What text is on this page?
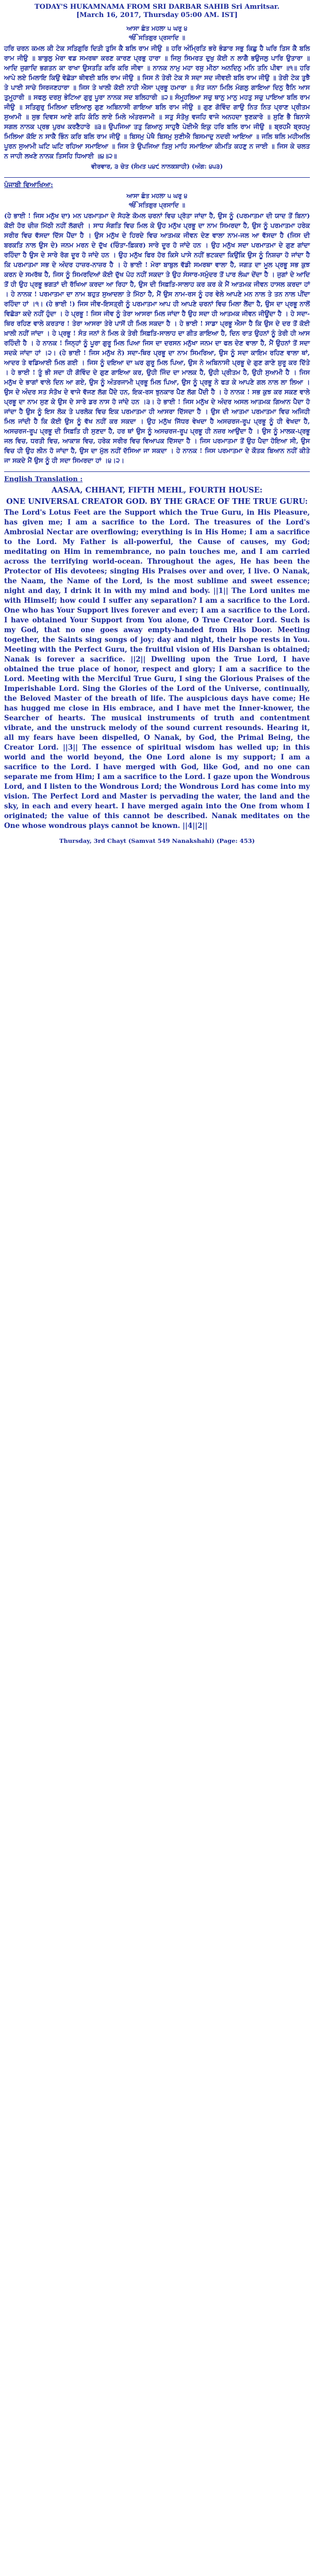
TODAY'S HUKAMNAMA FROM SRI DARBAR SAHIB Sri Amritsar.

[March 16, 2017, Thursday 05:00 AM. IST]

ਆਸਾ ਛੰਤ ਮਹਲਾ ੫ ਘਰੁ ੪

ੴ ਸਤਿਗੁਰ ਪ੍ਰਸਾਦਿ ॥

ਹਰਿ ਚਰਨ ਕਮਲ ਕੀ ਟੇਕ ਸਤਿਗੁਰਿ ਦਿਤੀ ਤੁਸਿ ਕੈ ਬਲਿ ਰਾਮ ਜੀਉ ॥ ਹਰਿ ਅੰਮ੍ਰਿਤਿ ਭਰੇ ਭੰਡਾਰ ਸਭੁ ਕਿਛੁ ਹੈ ਘਰਿ ਤਿਸ ਕੈ ਬਲਿ ਰਾਮ ਜੀਉ ॥ ਬਾਬੁਲੁ ਮੇਰਾ ਵਡ ਸਮਰਥਾ ਕਰਣ ਕਾਰਣ ਪ੍ਰਭੁ ਹਾਰਾ ॥ ਜਿਸੁ ਸਿਮਰਤ ਦੁਖੁ ਕੋਈ ਨ ਲਾਗੈ ਭਉਜਲੁ ਪਾਰਿ ਉਤਾਰਾ ॥ ਆਦਿ ਜੁਗਾਦਿ ਭਗਤਨ ਕਾ ਰਾਖਾ ਉਸਤਤਿ ਕਰਿ ਕਰਿ ਜੀਵਾ ॥ ਨਾਨਕ ਨਾਮੁ ਮਹਾ ਰਸੁ ਮੀਠਾ ਅਨਦਿਨੁ ਮਨਿ ਤਨਿ ਪੀਵਾ ॥੧॥ ਹਰਿ ਆਪੇ ਲਏ ਮਿਲਾਇ ਕਿਉ ਵੇਛੋੜਾ ਥੀਵਈ ਬਲਿ ਰਾਮ ਜੀਉ ॥ ਜਿਸ ਨੋ ਤੇਰੀ ਟੇਕ ਸੋ ਸਦਾ ਸਦ ਜੀਵਈ ਬਲਿ ਰਾਮ ਜੀਉ ॥ ਤੇਰੀ ਟੇਕ ਤੁਝੈ ਤੇ ਪਾਈ ਸਾਚੇ ਸਿਰਜਣਹਾਰਾ ॥ ਜਿਸ ਤੇ ਖਾਲੀ ਕੋਈ ਨਾਹੀ ਐਸਾ ਪ੍ਰਭੂ ਹਮਾਰਾ ॥ ਸੰਤ ਜਨਾ ਮਿਲਿ ਮੰਗਲੁ ਗਾਇਆ ਦਿਨੁ ਰੈਨਿ ਆਸ ਤੁਮ੍ਹ੍ਹਾਰੀ ॥ ਸਫਲੁ ਦਰਸੁ ਭੇਟਿਆ ਗੁਰੁ ਪੂਰਾ ਨਾਨਕ ਸਦ ਬਲਿਹਾਰੀ ॥੨॥ ਸੰਮ੍ਹ੍ਹਲਿਆ ਸਚੁ ਥਾਨੁ ਮਾਨੁ ਮਹਤੁ ਸਚੁ ਪਾਇਆ ਬਲਿ ਰਾਮ ਜੀਉ ॥ ਸਤਿਗੁਰੁ ਮਿਲਿਆ ਦਇਆਲੁ ਗੁਣ ਅਬਿਨਾਸੀ ਗਾਇਆ ਬਲਿ ਰਾਮ ਜੀਉ ॥ ਗੁਣ ਗੋਵਿੰਦ ਗਾਉ ਨਿਤ ਨਿਤ ਪ੍ਰਾਣ ਪ੍ਰੀਤਮ ਸੁਆਮੀ ॥ ਸੁਭ ਦਿਵਸ ਆਏ ਗਹਿ ਕੰਠਿ ਲਾਏ ਮਿਲੇ ਅੰਤਰਜਾਮੀ ॥ ਸਤੁ ਸੰਤੋਖੁ ਵਜਹਿ ਵਾਜੇ ਅਨਹਦਾ ਝੁਣਕਾਰੇ ॥ ਸੁਣਿ ਭੈ ਬਿਨਾਸੇ ਸਗਲ ਨਾਨਕ ਪ੍ਰਭ ਪੁਰਖ ਕਰਣੈਹਾਰੇ ॥੩॥ ਉਪਜਿਆ ਤਤੁ ਗਿਆਨੁ ਸਾਹੁਰੈ ਪੇਈਐ ਇਕੁ ਹਰਿ ਬਲਿ ਰਾਮ ਜੀਉ ॥ ਬ੍ਰਹਮੈ ਬ੍ਰਹਮੁ ਮਿਲਿਆ ਕੋਇ ਨ ਸਾਕੈ ਭਿੰਨ ਕਰਿ ਬਲਿ ਰਾਮ ਜੀਉ ॥ ਬਿਸਮੁ ਪੇਖੈ ਬਿਸਮੁ ਸੁਣੀਐ ਬਿਸਮਾਦੁ ਨਦਰੀ ਆਇਆ ॥ ਜਲਿ ਥਲਿ ਮਹੀਅਲਿ ਪੂਰਨ ਸੁਆਮੀ ਘਟਿ ਘਟਿ ਰਹਿਆ ਸਮਾਇਆ ॥ ਜਿਸ ਤੇ ਉਪਜਿਆ ਤਿਸੁ ਮਾਹਿ ਸਮਾਇਆ ਕੀਮਤਿ ਕਹਣੁ ਨ ਜਾਈ ॥ ਜਿਸ ਕੇ ਚਲਤ ਨ ਜਾਹੀ ਲਖਣੇ ਨਾਨਕ ਤਿਸਹਿ ਧਿਆਈ ॥੪॥੨॥

ਵੀਰਵਾਰ, ੩ ਚੇਤ (ਸੰਮਤ ੫੪੯ ਨਾਨਕਸ਼ਾਹੀ) (ਅੰਗ: ੪੫੩)

ਪੰਜਾਬੀ ਵਿਆਖਿਆ:

ਆਸਾ ਛੰਤ ਮਹਲਾ ੫ ਘਰੁ ੪

ੴ ਸਤਿਗੁਰ ਪ੍ਰਸਾਦਿ ॥

(ਹੇ ਭਾਈ ! ਜਿਸ ਮਨੁੱਖ ਦਾ) ਮਨ ਪਰਮਾਤਮਾ ਦੇ ਸੋਹਣੇ ਕੋਮਲ ਚਰਨਾਂ ਵਿਚ ਪ੍ਰੋਤਾ ਜਾਂਦਾ ਹੈ, ਉਸ ਨੂੰ (ਪਰਮਾਤਮਾ ਦੀ ਯਾਦ ਤੋਂ ਬਿਨਾ) ਕੋਈ ਹੋਰ ਚੀਜ਼ ਮਿੱਠੀ ਨਹੀਂ ਲੱਗਦੀ । ਸਾਧ ਸੰਗਤਿ ਵਿਚ ਮਿਲ ਕੇ ਉਹ ਮਨੁੱਖ ਪ੍ਰਭੂ ਦਾ ਨਾਮ ਸਿਮਰਦਾ ਹੈ, ਉਸ ਨੂੰ ਪਰਮਾਤਮਾ ਹਰੇਕ ਸਰੀਰ ਵਿਚ ਵੱਸਦਾ ਦਿੱਸ ਪੈਂਦਾ ਹੈ । ਉਸ ਮਨੁੱਖ ਦੇ ਹਿਰਦੇ ਵਿਚ ਆਤਮਕ ਜੀਵਨ ਦੇਣ ਵਾਲਾ ਨਾਮ-ਜਲ ਆ ਵੱਸਦਾ ਹੈ (ਜਿਸ ਦੀ ਬਰਕਤਿ ਨਾਲ ਉਸ ਦੇ) ਜਨਮ ਮਰਨ ਦੇ ਦੁੱਖ (ਚਿੰਤਾ-ਫ਼ਿਕਰ) ਸਾਰੇ ਦੂਰ ਹੋ ਜਾਂਦੇ ਹਨ । ਉਹ ਮਨੁੱਖ ਸਦਾ ਪਰਮਾਤਮਾ ਦੇ ਗੁਣ ਗਾਂਦਾ ਰਹਿੰਦਾ ਹੈ ਉਸ ਦੇ ਸਾਰੇ ਰੋਗ ਦੂਰ ਹੋ ਜਾਂਦੇ ਹਨ । ਉਹ ਮਨੁੱਖ ਫਿਰ ਹੋਰ ਕਿਸੇ ਪਾਸੇ ਨਹੀਂ ਭਟਕਦਾ ਕਿਉਂਕਿ ਉਸ ਨੂੰ ਨਿਸ਼ਚਾ ਹੋ ਜਾਂਦਾ ਹੈ ਕਿ ਪਰਮਾਤਮਾ ਸਭ ਦੇ ਅੰਦਰ ਹਾਜ਼ਰ-ਨਾਜ਼ਰ ਹੈ । ਹੇ ਭਾਈ ! ਮੇਰਾ ਬਾਬੁਲ ਵੱਡੀ ਸਮਰਥਾ ਵਾਲਾ ਹੈ, ਜਗਤ ਦਾ ਮੂਲ ਪ੍ਰਭੂ ਸਭ ਕੁਝ ਕਰਨ ਦੇ ਸਮਰੱਥ ਹੈ, ਜਿਸ ਨੂੰ ਸਿਮਰਦਿਆਂ ਕੋਈ ਦੁੱਖ ਪੋਹ ਨਹੀਂ ਸਕਦਾ ਤੇ ਉਹ ਸੰਸਾਰ-ਸਮੁੰਦਰ ਤੋਂ ਪਾਰ ਲੰਘਾ ਦੇਂਦਾ ਹੈ । ਜੁਗਾਂ ਦੇ ਆਦਿ ਤੋਂ ਹੀ ਉਹ ਪ੍ਰਭੂ ਭਗਤਾਂ ਦੀ ਰੱਖਿਆ ਕਰਦਾ ਆ ਰਿਹਾ ਹੈ, ਉਸ ਦੀ ਸਿਫ਼ਤਿ-ਸਾਲਾਹ ਕਰ ਕਰ ਕੇ ਮੈਂ ਆਤਮਕ ਜੀਵਨ ਹਾਸਲ ਕਰਦਾ ਹਾਂ । ਹੇ ਨਾਨਕ ! ਪਰਮਾਤਮਾ ਦਾ ਨਾਮ ਬਹੁਤ ਸੁਆਦਲਾ ਤੇ ਮਿੱਠਾ ਹੈ, ਮੈਂ ਉਸ ਨਾਮ-ਰਸ ਨੂੰ ਹਰ ਵੇਲੇ ਆਪਣੇ ਮਨ ਨਾਲ ਤੇ ਤਨ ਨਾਲ ਪੀਂਦਾ ਰਹਿੰਦਾ ਹਾਂ ।੧। (ਹੇ ਭਾਈ !) ਜਿਸ ਜੀਵ-ਇਸਤ੍ਰੀ ਨੂੰ ਪਰਮਾਤਮਾ ਆਪ ਹੀ ਆਪਣੇ ਚਰਨਾਂ ਵਿਚ ਮਿਲਾ ਲੈਂਦਾ ਹੈ, ਉਸ ਦਾ ਪ੍ਰਭੂ ਨਾਲੋਂ ਵਿਛੋੜਾ ਕਦੇ ਨਹੀਂ ਹੁੰਦਾ । ਹੇ ਪ੍ਰਭੂ ! ਜਿਸ ਜੀਵ ਨੂੰ ਤੇਰਾ ਆਸਰਾ ਮਿਲ ਜਾਂਦਾ ਹੈ ਉਹ ਸਦਾ ਹੀ ਆਤਮਕ ਜੀਵਨ ਜੀਊਂਦਾ ਹੈ । ਹੇ ਸਦਾ-ਥਿਰ ਰਹਿਣ ਵਾਲੇ ਕਰਤਾਰ ! ਤੇਰਾ ਆਸਰਾ ਤੇਰੇ ਪਾਸੋਂ ਹੀ ਮਿਲ ਸਕਦਾ ਹੈ । ਹੇ ਭਾਈ ! ਸਾਡਾ ਪ੍ਰਭੂ ਐਸਾ ਹੈ ਕਿ ਉਸ ਦੇ ਦਰ ਤੋਂ ਕੋਈ ਖ਼ਾਲੀ ਨਹੀਂ ਜਾਂਦਾ । ਹੇ ਪ੍ਰਭੂ ! ਸੰਤ ਜਨਾਂ ਨੇ ਮਿਲ ਕੇ ਤੇਰੀ ਸਿਫ਼ਤਿ-ਸਾਲਾਹ ਦਾ ਗੀਤ ਗਾਇਆ ਹੈ, ਦਿਨ ਰਾਤ ਉਹਨਾਂ ਨੂੰ ਤੇਰੀ ਹੀ ਆਸ ਰਹਿੰਦੀ ਹੈ । ਹੇ ਨਾਨਕ ! ਜਿਨ੍ਹਾਂ ਨੂੰ ਪੂਰਾ ਗੁਰੂ ਮਿਲ ਪਿਆ ਜਿਸ ਦਾ ਦਰਸਨ ਮਨੁੱਖਾ ਜਨਮ ਦਾ ਫਲ ਦੇਣ ਵਾਲਾ ਹੈ, ਮੈਂ ਉਹਨਾਂ ਤੋਂ ਸਦਾ ਸਦਕੇ ਜਾਂਦਾ ਹਾਂ ।੨। (ਹੇ ਭਾਈ ! ਜਿਸ ਮਨੁੱਖ ਨੇ) ਸਦਾ-ਥਿਰ ਪ੍ਰਭੂ ਦਾ ਨਾਮ ਸਿਮਰਿਆ, ਉਸ ਨੂੰ ਸਦਾ ਕਾਇਮ ਰਹਿਣ ਵਾਲਾ ਥਾਂ, ਆਦਰ ਤੇ ਵਡਿਆਈ ਮਿਲ ਗਈ । ਜਿਸ ਨੂੰ ਦਇਆ ਦਾ ਘਰ ਗੁਰੂ ਮਿਲ ਪਿਆ, ਉਸ ਨੇ ਅਬਿਨਾਸੀ ਪ੍ਰਭੂ ਦੇ ਗੁਣ ਗਾਣੇ ਸ਼ੁਰੂ ਕਰ ਦਿੱਤੇ । ਹੇ ਭਾਈ ! ਤੂੰ ਭੀ ਸਦਾ ਹੀ ਗੋਵਿੰਦ ਦੇ ਗੁਣ ਗਾਇਆ ਕਰ, ਉਹੀ ਜਿੰਦ ਦਾ ਮਾਲਕ ਹੈ, ਉਹੀ ਪ੍ਰੀਤਮ ਹੈ, ਉਹੀ ਸੁਆਮੀ ਹੈ । ਜਿਸ ਮਨੁੱਖ ਦੇ ਭਾਗਾਂ ਵਾਲੇ ਦਿਨ ਆ ਗਏ, ਉਸ ਨੂੰ ਅੰਤਰਜਾਮੀ ਪ੍ਰਭੂ ਮਿਲ ਪਿਆ, ਉਸ ਨੂੰ ਪ੍ਰਭੂ ਨੇ ਫੜ ਕੇ ਆਪਣੇ ਗਲ ਨਾਲ ਲਾ ਲਿਆ । ਉਸ ਦੇ ਅੰਦਰ ਸਤ ਸੰਤੋਖ ਦੇ ਵਾਜੇ ਵੱਜਣ ਲੱਗ ਪੈਂਦੇ ਹਨ, ਇਕ-ਰਸ ਝੁਨਕਾਰ ਪੈਣ ਲੱਗ ਪੈਂਦੀ ਹੈ । ਹੇ ਨਾਨਕ ! ਸਭ ਕੁਝ ਕਰ ਸਕਣ ਵਾਲੇ ਪ੍ਰਭੂ ਦਾ ਨਾਮ ਸੁਣ ਕੇ ਉਸ ਦੇ ਸਾਰੇ ਡਰ ਨਾਸ ਹੋ ਜਾਂਦੇ ਹਨ ।੩। ਹੇ ਭਾਈ ! ਜਿਸ ਮਨੁੱਖ ਦੇ ਅੰਦਰ ਅਸਲ ਆਤਮਕ ਗਿਆਨ ਪੈਦਾ ਹੋ ਜਾਂਦਾ ਹੈ ਉਸ ਨੂੰ ਇਸ ਲੋਕ ਤੇ ਪਰਲੋਕ ਵਿਚ ਇਕ ਪਰਮਾਤਮਾ ਹੀ ਆਸਰਾ ਦਿੱਸਦਾ ਹੈ । ਉਸ ਦੀ ਆਤਮਾ ਪਰਮਾਤਮਾ ਵਿਚ ਅਜਿਹੀ ਮਿਲ ਜਾਂਦੀ ਹੈ ਕਿ ਕੋਈ ਉਸ ਨੂੰ ਵੱਖ ਨਹੀਂ ਕਰ ਸਕਦਾ । ਉਹ ਮਨੁੱਖ ਜਿੱਧਰ ਵੇਖਦਾ ਹੈ ਅਸਚਰਜ-ਰੂਪ ਪ੍ਰਭੂ ਨੂੰ ਹੀ ਵੇਖਦਾ ਹੈ, ਅਸਚਰਜ-ਰੂਪ ਪ੍ਰਭੂ ਦੀ ਸਿਫ਼ਤਿ ਹੀ ਸੁਣਦਾ ਹੈ, ਹਰ ਥਾਂ ਉਸ ਨੂੰ ਅਸਚਰਜ-ਰੂਪ ਪ੍ਰਭੂ ਹੀ ਨਜ਼ਰ ਆਉਂਦਾ ਹੈ । ਉਸ ਨੂੰ ਮਾਲਕ-ਪ੍ਰਭੂ ਜਲ ਵਿਚ, ਧਰਤੀ ਵਿਚ, ਆਕਾਸ਼ ਵਿਚ, ਹਰੇਕ ਸਰੀਰ ਵਿਚ ਵਿਆਪਕ ਦਿੱਸਦਾ ਹੈ । ਜਿਸ ਪਰਮਾਤਮਾ ਤੋਂ ਉਹ ਪੈਦਾ ਹੋਇਆ ਸੀ, ਉਸ ਵਿਚ ਹੀ ਉਹ ਲੀਨ ਹੋ ਜਾਂਦਾ ਹੈ, ਉਸ ਦਾ ਮੁੱਲ ਨਹੀਂ ਦੱਸਿਆ ਜਾ ਸਕਦਾ । ਹੇ ਨਾਨਕ ! ਜਿਸ ਪਰਮਾਤਮਾ ਦੇ ਕੌਤਕ ਬਿਆਨ ਨਹੀਂ ਕੀਤੇ ਜਾ ਸਕਦੇ ਮੈਂ ਉਸ ਨੂੰ ਹੀ ਸਦਾ ਸਿਮਰਦਾ ਹਾਂ ।੪।੨।

English Translation :

AASAA, CHHANT, FIFTH MEHL, FOURTH HOUSE:

ONE UNIVERSAL CREATOR GOD. BY THE GRACE OF THE TRUE GURU:

The Lord's Lotus Feet are the Support which the True Guru, in His Pleasure, has given me; I am a sacrifice to the Lord. The treasures of the Lord's Ambrosial Nectar are overflowing; everything is in His Home; I am a sacrifice to the Lord. My Father is all-powerful, the Cause of causes, my God; meditating on Him in remembrance, no pain touches me, and I am carried across the terrifying world-ocean. Throughout the ages, He has been the Protector of His devotees; singing His Praises over and over, I live. O Nanak, the Naam, the Name of the Lord, is the most sublime and sweet essence; night and day, I drink it in with my mind and body. ||1|| The Lord unites me with Himself; how could I suffer any separation? I am a sacrifice to the Lord. One who has Your Support lives forever and ever; I am a sacrifice to the Lord. I have obtained Your Support from You alone, O True Creator Lord. Such is my God, that no one goes away empty-handed from His Door. Meeting together, the Saints sing songs of joy; day and night, their hope rests in You. Meeting with the Perfect Guru, the fruitful vision of His Darshan is obtained; Nanak is forever a sacrifice. ||2|| Dwelling upon the True Lord, I have obtained the true place of honor, respect and glory; I am a sacrifice to the Lord. Meeting with the Merciful True Guru, I sing the Glorious Praises of the Imperishable Lord. Sing the Glories of the Lord of the Universe, continually, the Beloved Master of the breath of life. The auspicious days have come; He has hugged me close in His embrace, and I have met the Inner-knower, the Searcher of hearts. The musical instruments of truth and contentment vibrate, and the unstruck melody of the sound current resounds. Hearing it, all my fears have been dispelled, O Nanak, by God, the Primal Being, the Creator Lord. ||3|| The essence of spiritual wisdom has welled up; in this world and the world beyond, the One Lord alone is my support; I am a sacrifice to the Lord. I have merged with God, like God, and no one can separate me from Him; I am a sacrifice to the Lord. I gaze upon the Wondrous Lord, and I listen to the Wondrous Lord; the Wondrous Lord has come into my vision. The Perfect Lord and Master is pervading the water, the land and the sky, in each and every heart. I have merged again into the One from whom I originated; the value of this cannot be described. Nanak meditates on the One whose wondrous plays cannot be known. ||4||2||

Thursday, 3rd Chayt (Samvat 549 Nanakshahi) (Page: 453)
